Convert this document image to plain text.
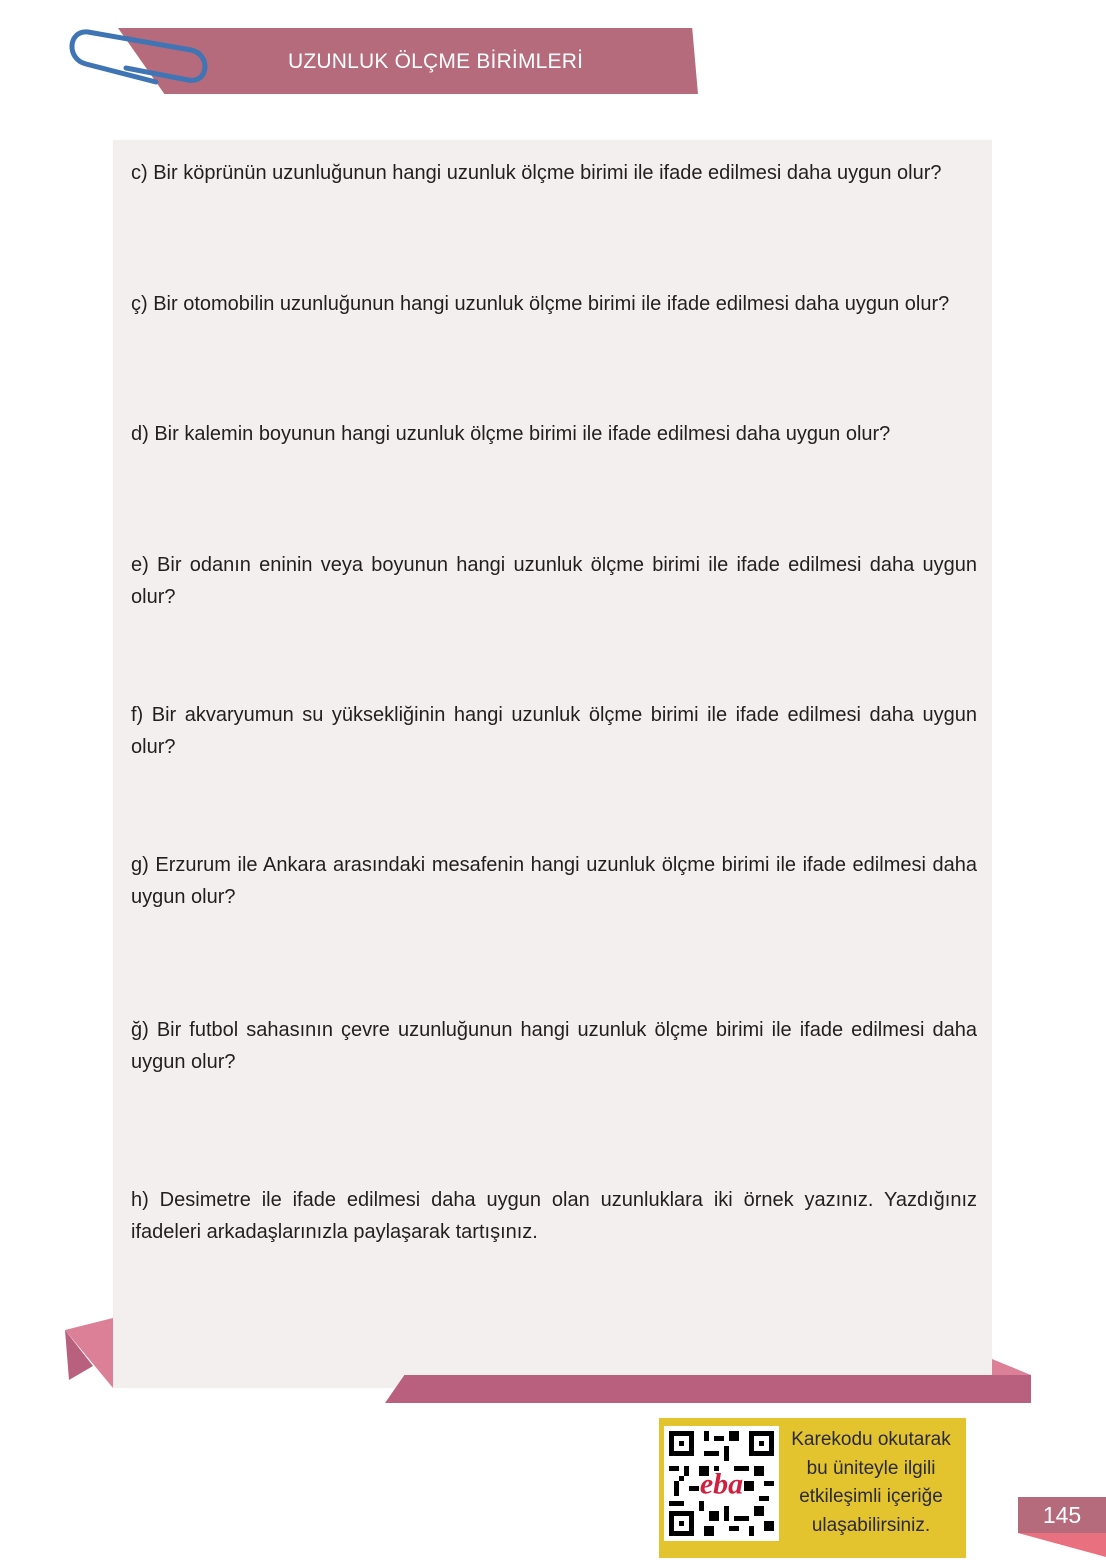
UZUNLUK ÖLÇME BİRİMLERİ
c) Bir köprünün uzunluğunun hangi uzunluk ölçme birimi ile ifade edilmesi daha uygun olur?
ç) Bir otomobilin uzunluğunun hangi uzunluk ölçme birimi ile ifade edilmesi daha uygun olur?
d) Bir kalemin boyunun hangi uzunluk ölçme birimi ile ifade edilmesi daha uygun olur?
e) Bir odanın eninin veya boyunun hangi uzunluk ölçme birimi ile ifade edilmesi daha uygun olur?
f) Bir akvaryumun su yüksekliğinin hangi uzunluk ölçme birimi ile ifade edilmesi daha uygun olur?
g) Erzurum ile Ankara arasındaki mesafenin hangi uzunluk ölçme birimi ile ifade edilmesi daha uygun olur?
ğ) Bir futbol sahasının çevre uzunluğunun hangi uzunluk ölçme birimi ile ifade edilmesi daha uygun olur?
h) Desimetre ile ifade edilmesi daha uygun olan uzunluklara iki örnek yazınız. Yazdığınız ifadeleri arkadaşlarınızla paylaşarak tartışınız.
eba
Karekodu okutarak bu üniteyle ilgili etkileşimli içeriğe ulaşabilirsiniz.	145
